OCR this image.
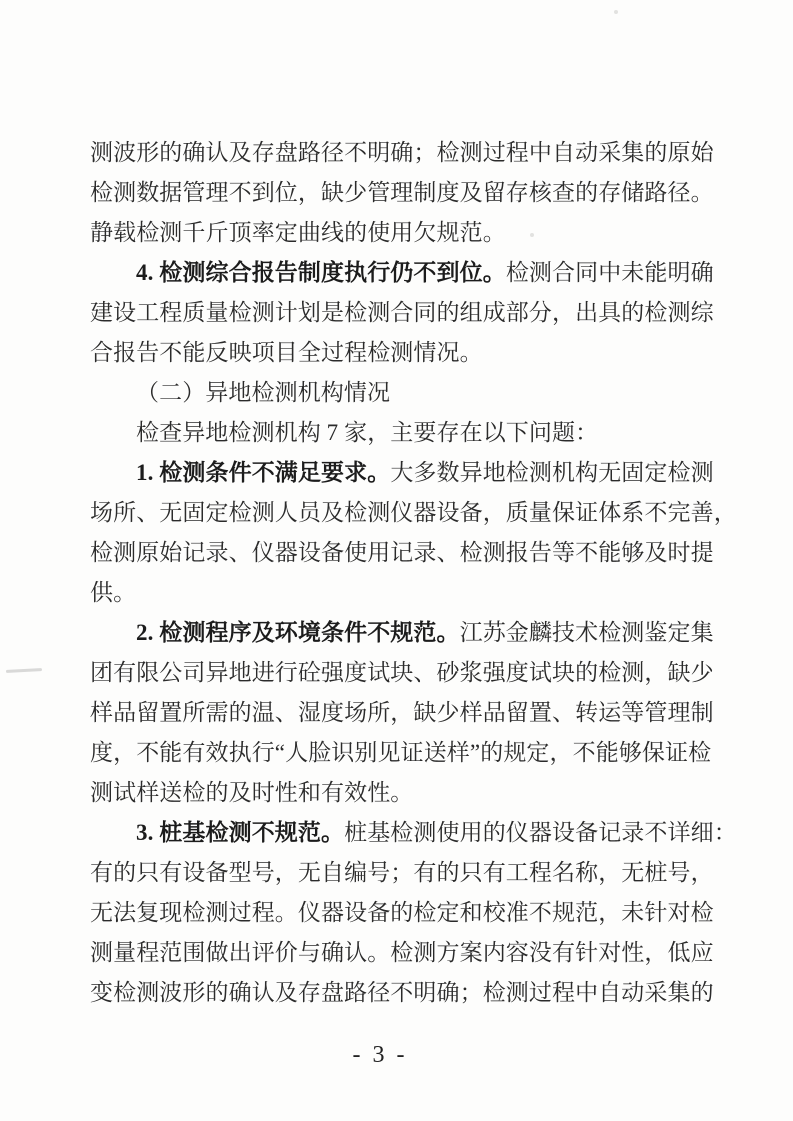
测波形的确认及存盘路径不明确；检测过程中自动采集的原始

检测数据管理不到位，缺少管理制度及留存核查的存储路径。

静载检测千斤顶率定曲线的使用欠规范。

4. 检测综合报告制度执行仍不到位。检测合同中未能明确

建设工程质量检测计划是检测合同的组成部分，出具的检测综

合报告不能反映项目全过程检测情况。

（二）异地检测机构情况

检查异地检测机构 7 家，主要存在以下问题：

1. 检测条件不满足要求。大多数异地检测机构无固定检测

场所、无固定检测人员及检测仪器设备，质量保证体系不完善，

检测原始记录、仪器设备使用记录、检测报告等不能够及时提

供。

2. 检测程序及环境条件不规范。江苏金麟技术检测鉴定集

团有限公司异地进行砼强度试块、砂浆强度试块的检测，缺少

样品留置所需的温、湿度场所，缺少样品留置、转运等管理制

度，不能有效执行“人脸识别见证送样”的规定，不能够保证检

测试样送检的及时性和有效性。

3. 桩基检测不规范。桩基检测使用的仪器设备记录不详细：

有的只有设备型号，无自编号；有的只有工程名称，无桩号，

无法复现检测过程。仪器设备的检定和校准不规范，未针对检

测量程范围做出评价与确认。检测方案内容没有针对性，低应

变检测波形的确认及存盘路径不明确；检测过程中自动采集的

- 3 -
